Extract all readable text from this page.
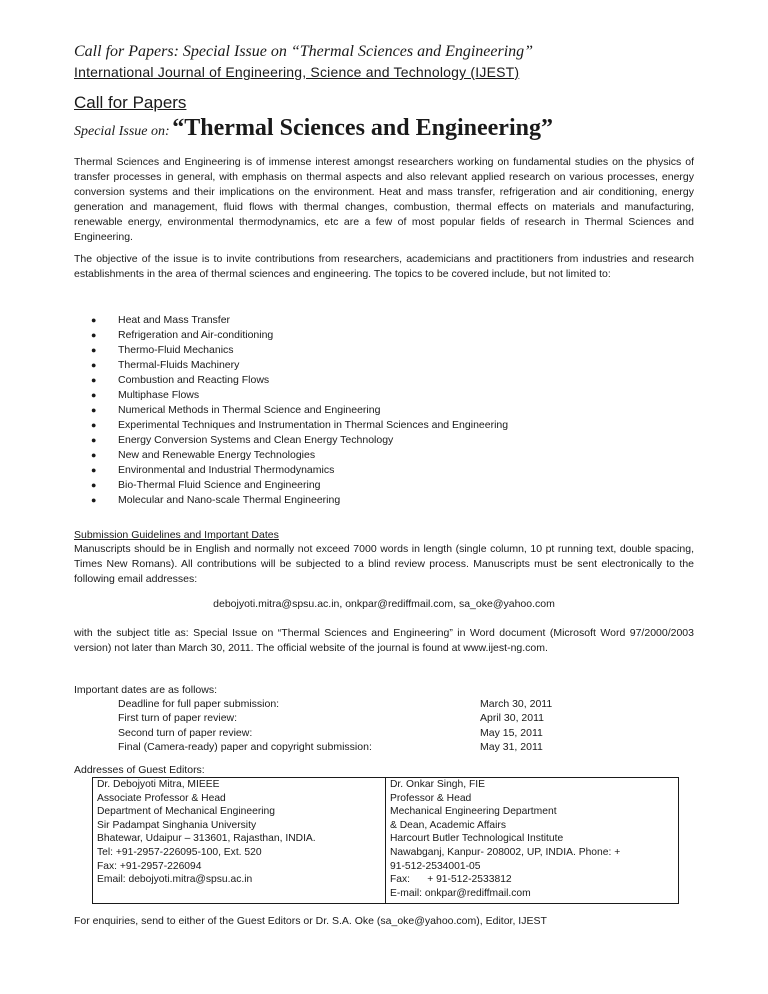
Call for Papers: Special Issue on “Thermal Sciences and Engineering”
International Journal of Engineering, Science and Technology (IJEST)
Call for Papers
Special Issue on: “Thermal Sciences and Engineering”
Thermal Sciences and Engineering is of immense interest amongst researchers working on fundamental studies on the physics of transfer processes in general, with emphasis on thermal aspects and also relevant applied research on various processes, energy conversion systems and their implications on the environment. Heat and mass transfer, refrigeration and air conditioning, energy generation and management, fluid flows with thermal changes, combustion, thermal effects on materials and manufacturing, renewable energy, environmental thermodynamics, etc are a few of most popular fields of research in Thermal Sciences and Engineering.
The objective of the issue is to invite contributions from researchers, academicians and practitioners from industries and research establishments in the area of thermal sciences and engineering. The topics to be covered include, but not limited to:
● Heat and Mass Transfer
● Refrigeration and Air-conditioning
● Thermo-Fluid Mechanics
● Thermal-Fluids Machinery
● Combustion and Reacting Flows
● Multiphase Flows
● Numerical Methods in Thermal Science and Engineering
● Experimental Techniques and Instrumentation in Thermal Sciences and Engineering
● Energy Conversion Systems and Clean Energy Technology
● New and Renewable Energy Technologies
● Environmental and Industrial Thermodynamics
● Bio-Thermal Fluid Science and Engineering
● Molecular and Nano-scale Thermal Engineering
Submission Guidelines and Important Dates
Manuscripts should be in English and normally not exceed 7000 words in length (single column, 10 pt running text, double spacing, Times New Romans). All contributions will be subjected to a blind review process. Manuscripts must be sent electronically to the following email addresses:
debojyoti.mitra@spsu.ac.in, onkpar@rediffmail.com, sa_oke@yahoo.com
with the subject title as: Special Issue on “Thermal Sciences and Engineering” in Word document (Microsoft Word 97/2000/2003 version) not later than March 30, 2011. The official website of the journal is found at www.ijest-ng.com.
Important dates are as follows:
Deadline for full paper submission:	March 30, 2011
First turn of paper review:	April 30, 2011
Second turn of paper review:	May 15, 2011
Final (Camera-ready) paper and copyright submission:	May 31, 2011
Addresses of Guest Editors:
Dr. Debojyoti Mitra, MIEEE
Associate Professor & Head
Department of Mechanical Engineering
Sir Padampat Singhania University
Bhatewar, Udaipur – 313601, Rajasthan, INDIA.
Tel: +91-2957-226095-100, Ext. 520
Fax: +91-2957-226094
Email: debojyoti.mitra@spsu.ac.in
Dr. Onkar Singh, FIE
Professor & Head
Mechanical Engineering Department
& Dean, Academic Affairs
Harcourt Butler Technological Institute
Nawabganj, Kanpur- 208002, UP, INDIA. Phone: +
91-512-2534001-05
Fax:      + 91-512-2533812
E-mail: onkpar@rediffmail.com
For enquiries, send to either of the Guest Editors or Dr. S.A. Oke (sa_oke@yahoo.com), Editor, IJEST
